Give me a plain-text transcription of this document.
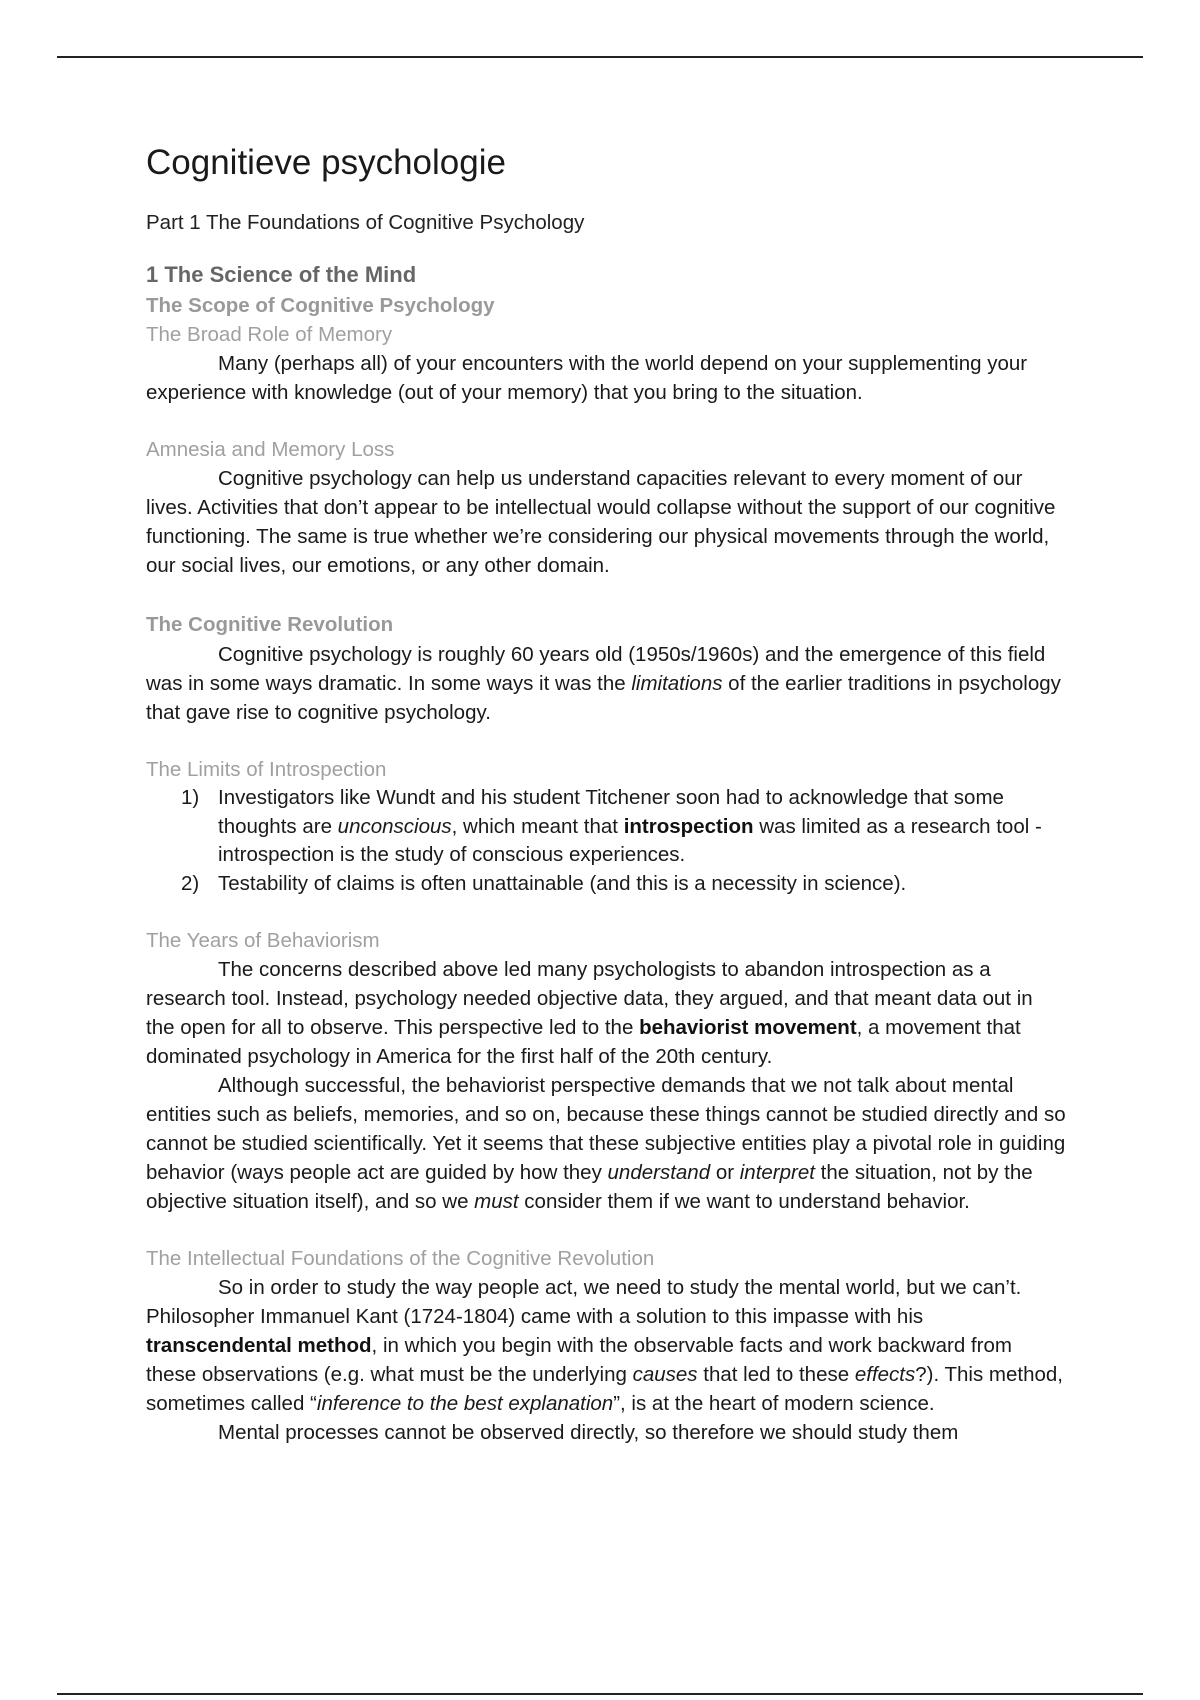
Cognitieve psychologie
Part 1 The Foundations of Cognitive Psychology
1 The Science of the Mind
The Scope of Cognitive Psychology
The Broad Role of Memory

Many (perhaps all) of your encounters with the world depend on your supplementing your experience with knowledge (out of your memory) that you bring to the situation.

Amnesia and Memory Loss

Cognitive psychology can help us understand capacities relevant to every moment of our lives. Activities that don’t appear to be intellectual would collapse without the support of our cognitive functioning. The same is true whether we’re considering our physical movements through the world, our social lives, our emotions, or any other domain.

The Cognitive Revolution

Cognitive psychology is roughly 60 years old (1950s/1960s) and the emergence of this field was in some ways dramatic. In some ways it was the limitations of the earlier traditions in psychology that gave rise to cognitive psychology.

The Limits of Introspection
1) Investigators like Wundt and his student Titchener soon had to acknowledge that some thoughts are unconscious, which meant that introspection was limited as a research tool -introspection is the study of conscious experiences.
2) Testability of claims is often unattainable (and this is a necessity in science).
The Years of Behaviorism

The concerns described above led many psychologists to abandon introspection as a research tool. Instead, psychology needed objective data, they argued, and that meant data out in the open for all to observe. This perspective led to the behaviorist movement, a movement that dominated psychology in America for the first half of the 20th century.

Although successful, the behaviorist perspective demands that we not talk about mental entities such as beliefs, memories, and so on, because these things cannot be studied directly and so cannot be studied scientifically. Yet it seems that these subjective entities play a pivotal role in guiding behavior (ways people act are guided by how they understand or interpret the situation, not by the objective situation itself), and so we must consider them if we want to understand behavior.

The Intellectual Foundations of the Cognitive Revolution

So in order to study the way people act, we need to study the mental world, but we can’t. Philosopher Immanuel Kant (1724-1804) came with a solution to this impasse with his transcendental method, in which you begin with the observable facts and work backward from these observations (e.g. what must be the underlying causes that led to these effects?). This method, sometimes called “inference to the best explanation”, is at the heart of modern science.

Mental processes cannot be observed directly, so therefore we should study them
